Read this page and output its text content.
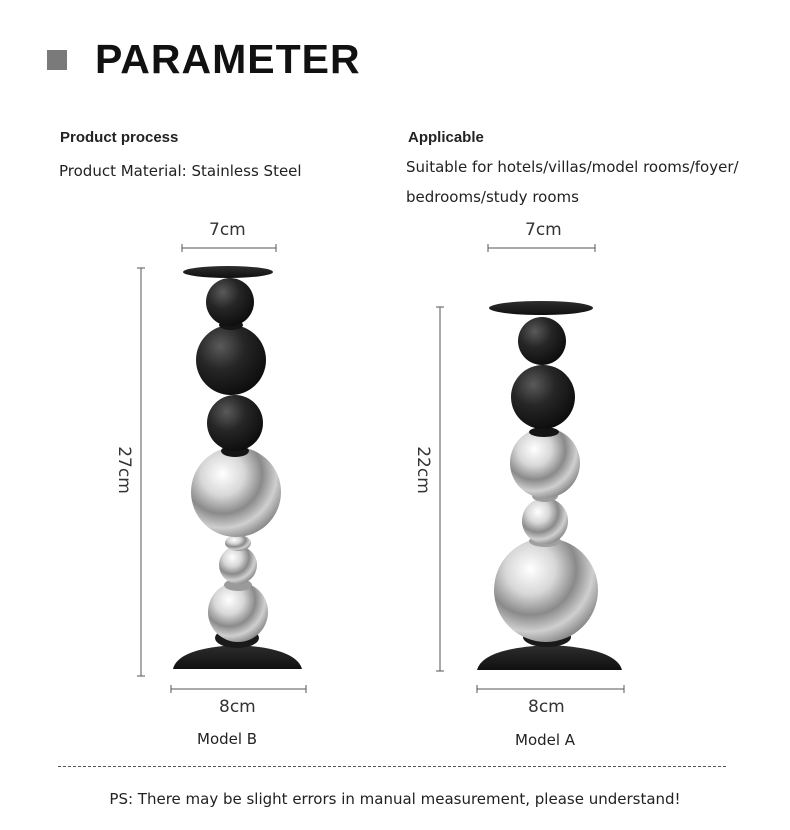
PARAMETER
Product process
Product Material: Stainless Steel
Applicable
Suitable for hotels/villas/model rooms/foyer/
bedrooms/study rooms
7cm
27cm
8cm
Model B
7cm
22cm
8cm
Model A
PS: There may be slight errors in manual measurement, please understand!
